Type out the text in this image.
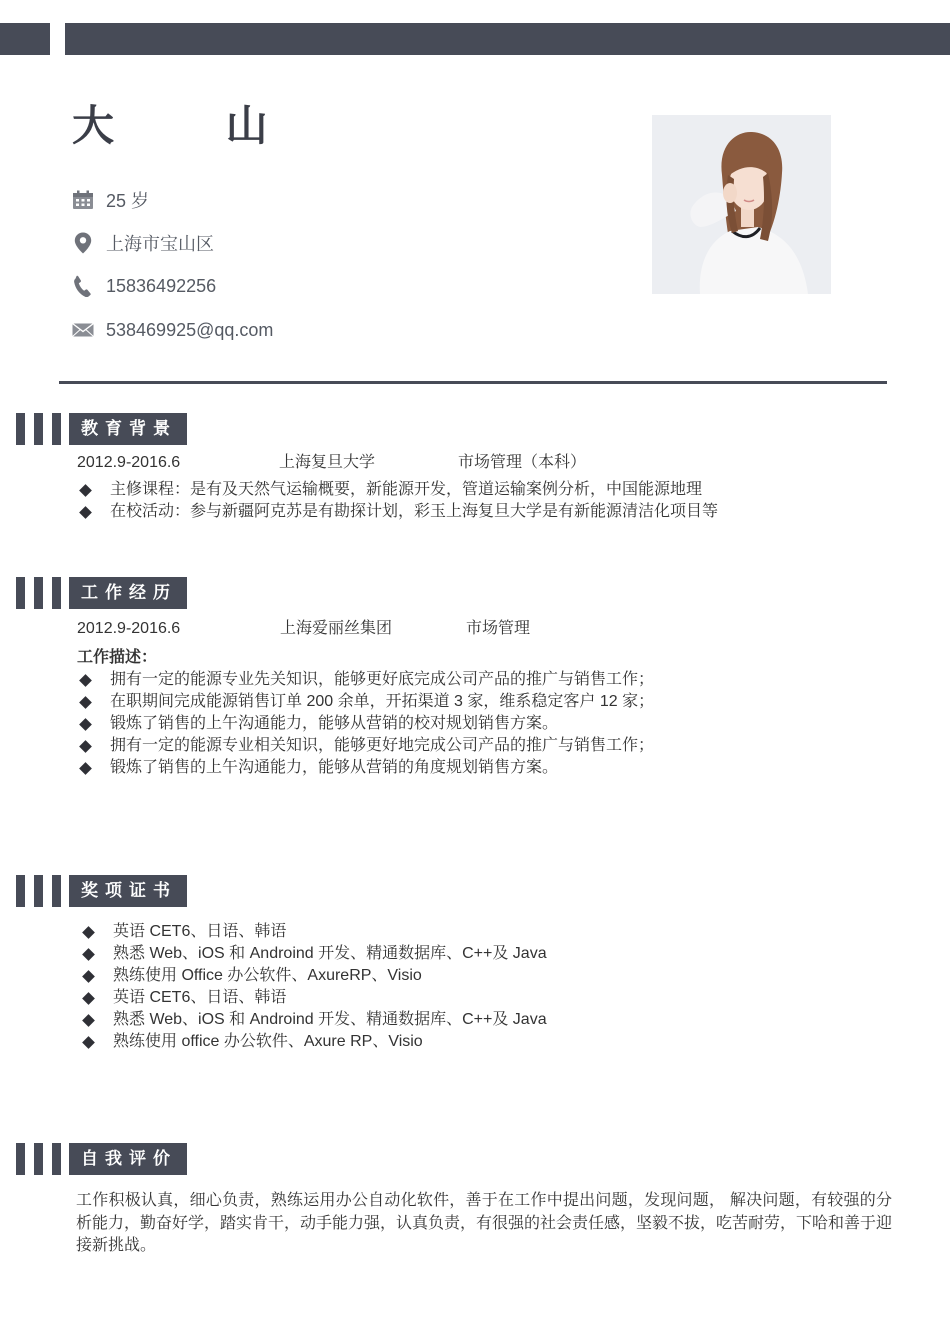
大 山
25 岁
上海市宝山区
15836492256
538469925@qq.com
教育背景
2012.9-2016.6	上海复旦大学	市场管理（本科）
主修课程：是有及天然气运输概要，新能源开发，管道运输案例分析，中国能源地理
在校活动：参与新疆阿克苏是有勘探计划，彩玉上海复旦大学是有新能源清洁化项目等
工作经历
2012.9-2016.6	上海爱丽丝集团	市场管理
工作描述：
拥有一定的能源专业先关知识，能够更好底完成公司产品的推广与销售工作；
在职期间完成能源销售订单 200 余单，开拓渠道 3 家，维系稳定客户 12 家；
锻炼了销售的上午沟通能力，能够从营销的校对规划销售方案。
拥有一定的能源专业相关知识，能够更好地完成公司产品的推广与销售工作；
锻炼了销售的上午沟通能力，能够从营销的角度规划销售方案。
奖项证书
英语 CET6、日语、韩语
熟悉 Web、iOS 和 Androind 开发、精通数据库、C++及 Java
熟练使用 Office 办公软件、AxureRP、Visio
英语 CET6、日语、韩语
熟悉 Web、iOS 和 Androind 开发、精通数据库、C++及 Java
熟练使用 office 办公软件、Axure RP、Visio
自我评价
工作积极认真，细心负责，熟练运用办公自动化软件，善于在工作中提出问题，发现问题， 解决问题，有较强的分析能力，勤奋好学，踏实肯干，动手能力强，认真负责，有很强的社会责任感，坚毅不拔，吃苦耐劳，下哈和善于迎接新挑战。
